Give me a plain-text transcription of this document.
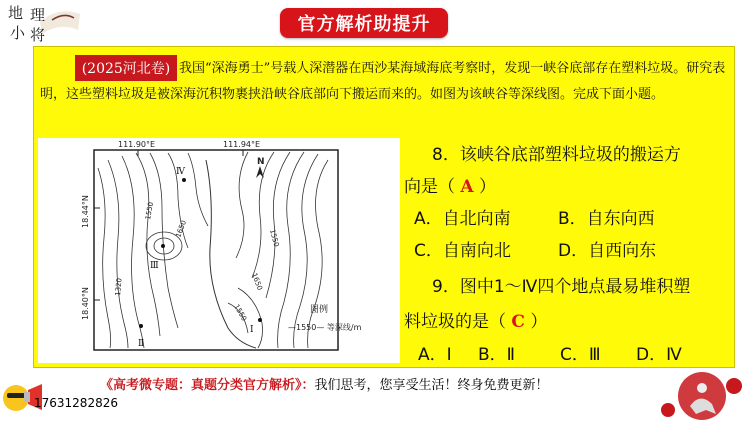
地 理
小 将	官方解析助提升
我国“深海勇士”号载人深潜器在西沙某海域海底考察时，发现一峡谷底部存在塑料垃圾。研究表明，这些塑料垃圾是被深海沉积物裹挟沿峡谷底部向下搬运而来的。如图为该峡谷等深线图。完成下面小题。
(2025河北卷)
111.90°E	111.94°E
18.44°N
18.40°N
N
1550
1650	1550
1650
1320
1550
Ⅳ
Ⅲ
Ⅱ
Ⅰ
图例
—1550— 等深线/m
8．该峡谷底部塑料垃圾的搬运方
向是（ A ）
A．自北向南	B．自东向西
C．自南向北	D．自西向东
9．图中1～Ⅳ四个地点最易堆积塑
料垃圾的是（ C ）
A．Ⅰ B．Ⅱ	C．Ⅲ D．Ⅳ
《高考微专题：真题分类官方解析》：我们思考，您享受生活！终身免费更新！
17631282826
